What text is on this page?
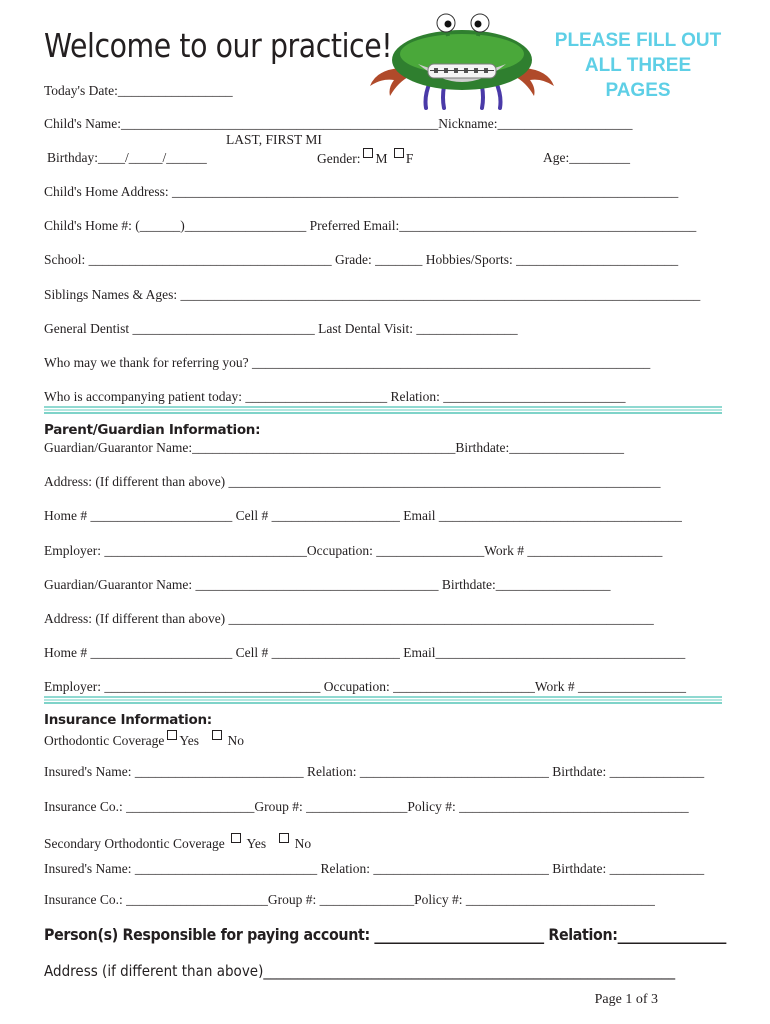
Welcome to our practice!	PLEASE FILL OUT ALL THREE PAGES
Today's Date:_________________
Child's Name:_______________________________________________Nickname:____________________
LAST, FIRST MI
Birthday:____/_____/______	Gender: M F	Age:_________
Child's Home Address: ___________________________________________________________________________
Child's Home #: (______)__________________ Preferred Email:____________________________________________
School: ____________________________________ Grade: _______ Hobbies/Sports: ________________________
Siblings Names & Ages: _____________________________________________________________________________
General Dentist ___________________________ Last Dental Visit: _______________
Who may we thank for referring you? ___________________________________________________________
Who is accompanying patient today: _____________________ Relation: ___________________________
Parent/Guardian Information:
Guardian/Guarantor Name:_______________________________________Birthdate:_________________
Address: (If different than above) ________________________________________________________________
Home # _____________________ Cell # ___________________ Email ____________________________________
Employer: ______________________________Occupation: ________________Work # ____________________
Guardian/Guarantor Name: ____________________________________ Birthdate:_________________
Address: (If different than above) _______________________________________________________________
Home # _____________________ Cell # ___________________ Email_____________________________________
Employer: ________________________________ Occupation: _____________________Work # ________________
Insurance Information:
Orthodontic Coverage Yes No
Insured's Name: _________________________ Relation: ____________________________ Birthdate: ______________
Insurance Co.: ___________________Group #: _______________Policy #: __________________________________
Secondary Orthodontic Coverage Yes No
Insured's Name: ___________________________ Relation: __________________________ Birthdate: ______________
Insurance Co.: _____________________Group #: ______________Policy #: ____________________________
Person(s) Responsible for paying account: _________________________ Relation:________________
Address (if different than above)_____________________________________________________________
Page 1 of 3
